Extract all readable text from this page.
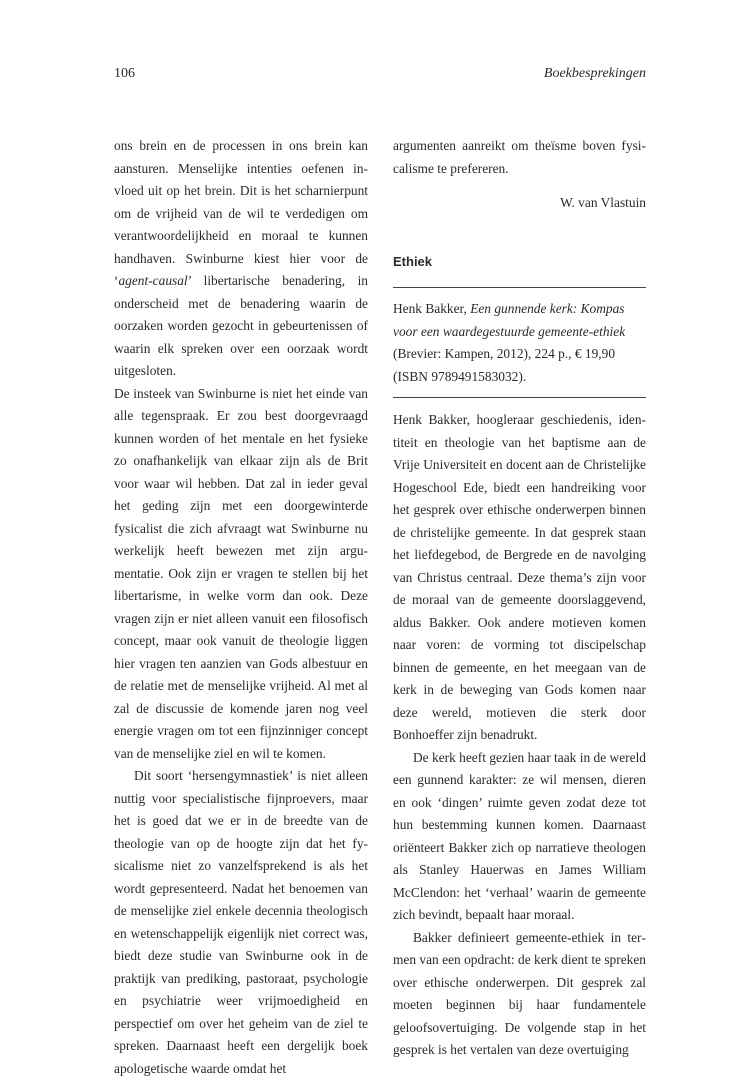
106	Boekbesprekingen

ons brein en de processen in ons brein kan aansturen. Menselijke intenties oefenen invloed uit op het brein. Dit is het scharnierpunt om de vrijheid van de wil te verdedigen om verantwoordelijkheid en moraal te kunnen handhaven. Swinburne kiest hier voor de ‘agent-causal’ libertarische benadering, in onderscheid met de benadering waarin de oorzaken worden gezocht in gebeurtenissen of waarin elk spreken over een oorzaak wordt uitgesloten.

De insteek van Swinburne is niet het einde van alle tegenspraak. Er zou best doorgevraagd kunnen worden of het mentale en het fysieke zo onafhankelijk van elkaar zijn als de Brit voor waar wil hebben. Dat zal in ieder geval het geding zijn met een doorgewinterde fysicalist die zich afvraagt wat Swinburne nu werkelijk heeft bewezen met zijn argumentatie. Ook zijn er vragen te stellen bij het libertarisme, in welke vorm dan ook. Deze vragen zijn er niet alleen vanuit een filosofisch concept, maar ook vanuit de theologie liggen hier vragen ten aanzien van Gods albestuur en de relatie met de menselijke vrijheid. Al met al zal de discussie de komende jaren nog veel energie vragen om tot een fijnzinniger concept van de menselijke ziel en wil te komen.

Dit soort ‘hersengymnastiek’ is niet alleen nuttig voor specialistische fijnproevers, maar het is goed dat we er in de breedte van de theologie van op de hoogte zijn dat het fysicalisme niet zo vanzelfsprekend is als het wordt gepresenteerd. Nadat het benoemen van de menselijke ziel enkele decennia theologisch en wetenschappelijk eigenlijk niet correct was, biedt deze studie van Swinburne ook in de praktijk van prediking, pastoraat, psychologie en psychiatrie weer vrijmoedigheid en perspectief om over het geheim van de ziel te spreken. Daarnaast heeft een dergelijk boek apologetische waarde omdat het

argumenten aanreikt om theïsme boven fysicalisme te prefereren.

W. van Vlastuin
Ethiek
Henk Bakker, Een gunnende kerk: Kompas voor een waardegestuurde gemeente-ethiek (Brevier: Kampen, 2012), 224 p., € 19,90 (ISBN 9789491583032).

Henk Bakker, hoogleraar geschiedenis, identiteit en theologie van het baptisme aan de Vrije Universiteit en docent aan de Christelijke Hogeschool Ede, biedt een handreiking voor het gesprek over ethische onderwerpen binnen de christelijke gemeente. In dat gesprek staan het liefdegebod, de Bergrede en de navolging van Christus centraal. Deze thema’s zijn voor de moraal van de gemeente doorslaggevend, aldus Bakker. Ook andere motieven komen naar voren: de vorming tot discipelschap binnen de gemeente, en het meegaan van de kerk in de beweging van Gods komen naar deze wereld, motieven die sterk door Bonhoeffer zijn benadrukt.

De kerk heeft gezien haar taak in de wereld een gunnend karakter: ze wil mensen, dieren en ook ‘dingen’ ruimte geven zodat deze tot hun bestemming kunnen komen. Daarnaast oriënteert Bakker zich op narratieve theologen als Stanley Hauerwas en James William McClendon: het ‘verhaal’ waarin de gemeente zich bevindt, bepaalt haar moraal.

Bakker definieert gemeente-ethiek in termen van een opdracht: de kerk dient te spreken over ethische onderwerpen. Dit gesprek zal moeten beginnen bij haar fundamentele geloofsovertuiging. De volgende stap in het gesprek is het vertalen van deze overtuiging
